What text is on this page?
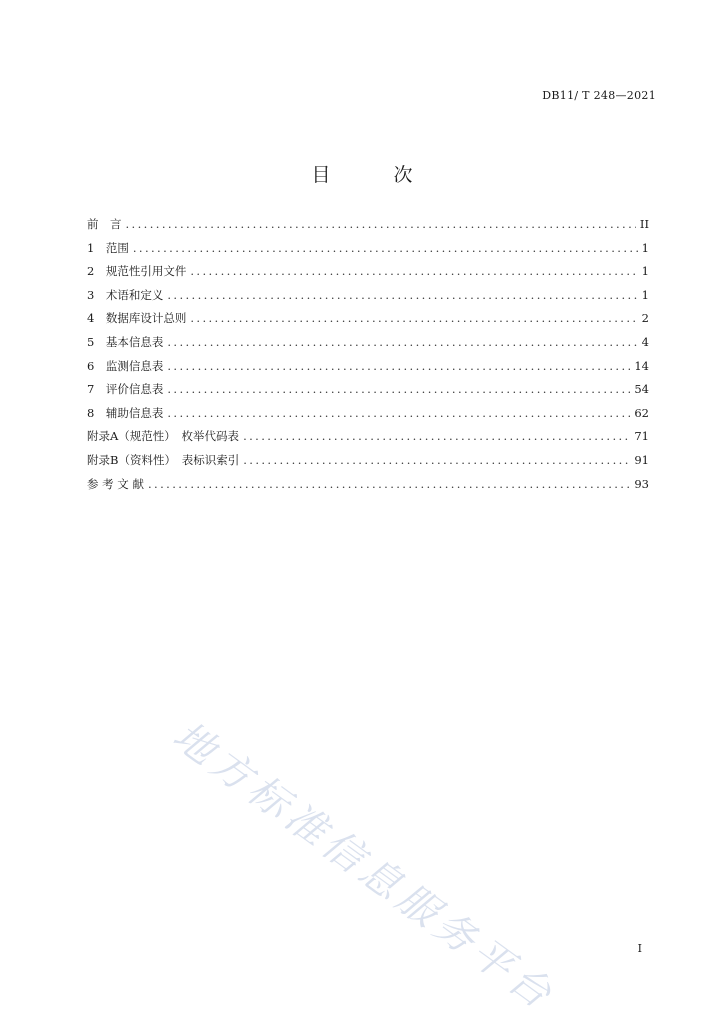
DB11/ T 248—2021
目　次
前　言 .....	II
1　范围 .....	1
2　规范性引用文件 .....	1
3　术语和定义 .....	1
4　数据库设计总则 .....	2
5　基本信息表 .....	4
6　监测信息表 .....	14
7　评价信息表 .....	54
8　辅助信息表 .....	62
附录A（规范性）　枚举代码表 .....	71
附录B（资料性）　表标识索引 .....	91
参 考 文 献 .....	93
地方标准信息服务平台	I
